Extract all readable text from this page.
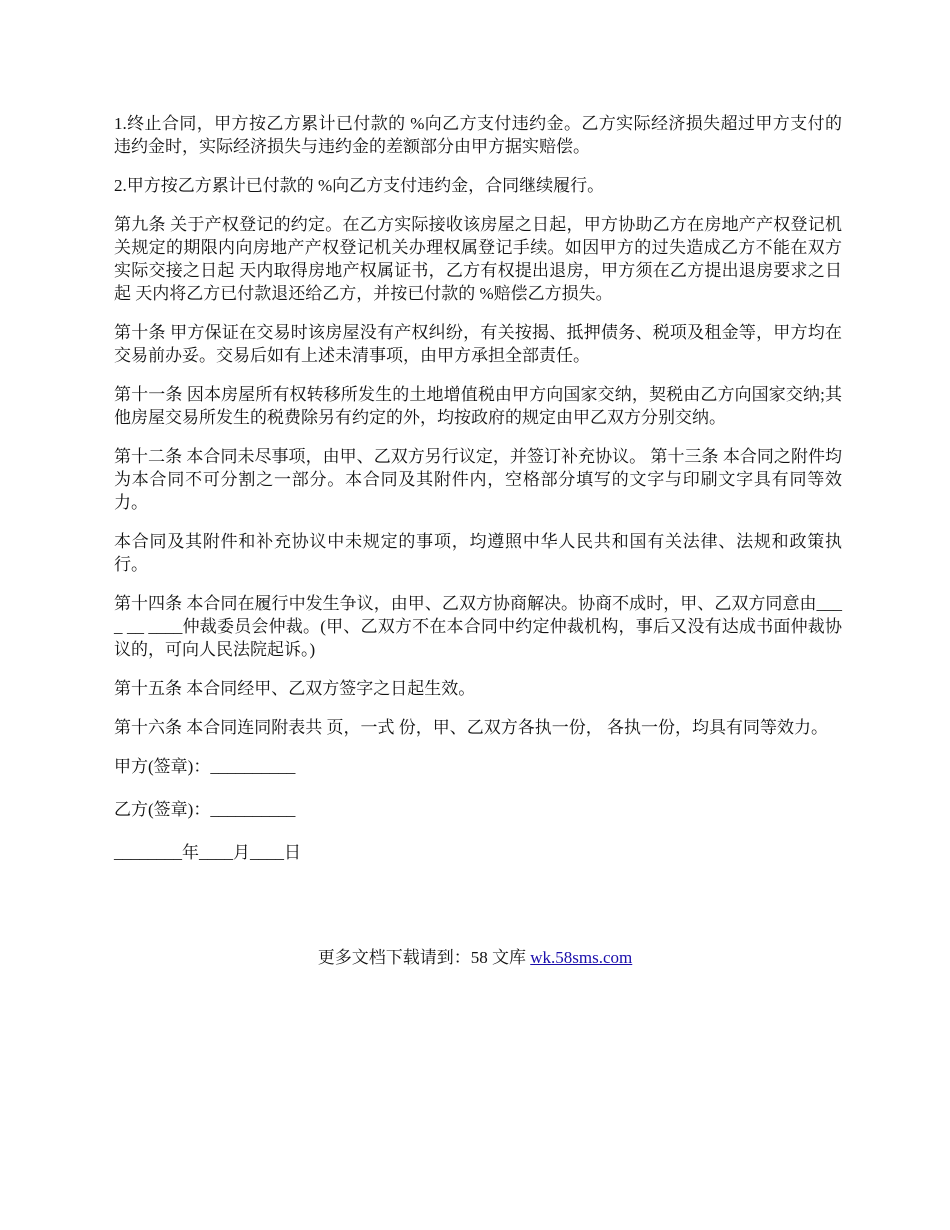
1.终止合同，甲方按乙方累计已付款的 %向乙方支付违约金。乙方实际经济损失超过甲方支付的违约金时，实际经济损失与违约金的差额部分由甲方据实赔偿。

2.甲方按乙方累计已付款的 %向乙方支付违约金，合同继续履行。

第九条 关于产权登记的约定。在乙方实际接收该房屋之日起，甲方协助乙方在房地产产权登记机关规定的期限内向房地产产权登记机关办理权属登记手续。如因甲方的过失造成乙方不能在双方实际交接之日起 天内取得房地产权属证书，乙方有权提出退房，甲方须在乙方提出退房要求之日起 天内将乙方已付款退还给乙方，并按已付款的 %赔偿乙方损失。

第十条 甲方保证在交易时该房屋没有产权纠纷，有关按揭、抵押债务、税项及租金等，甲方均在交易前办妥。交易后如有上述未清事项，由甲方承担全部责任。

第十一条 因本房屋所有权转移所发生的土地增值税由甲方向国家交纳，契税由乙方向国家交纳;其他房屋交易所发生的税费除另有约定的外，均按政府的规定由甲乙双方分别交纳。

第十二条 本合同未尽事项，由甲、乙双方另行议定，并签订补充协议。 第十三条 本合同之附件均为本合同不可分割之一部分。本合同及其附件内，空格部分填写的文字与印刷文字具有同等效力。

本合同及其附件和补充协议中未规定的事项，均遵照中华人民共和国有关法律、法规和政策执行。

第十四条 本合同在履行中发生争议，由甲、乙双方协商解决。协商不成时，甲、乙双方同意由____ __ ____仲裁委员会仲裁。(甲、乙双方不在本合同中约定仲裁机构，事后又没有达成书面仲裁协议的，可向人民法院起诉。)

第十五条 本合同经甲、乙双方签字之日起生效。

第十六条 本合同连同附表共 页，一式 份，甲、乙双方各执一份， 各执一份，均具有同等效力。

甲方(签章)：__________

乙方(签章)：__________

________年____月____日

更多文档下载请到：58 文库 wk.58sms.com
